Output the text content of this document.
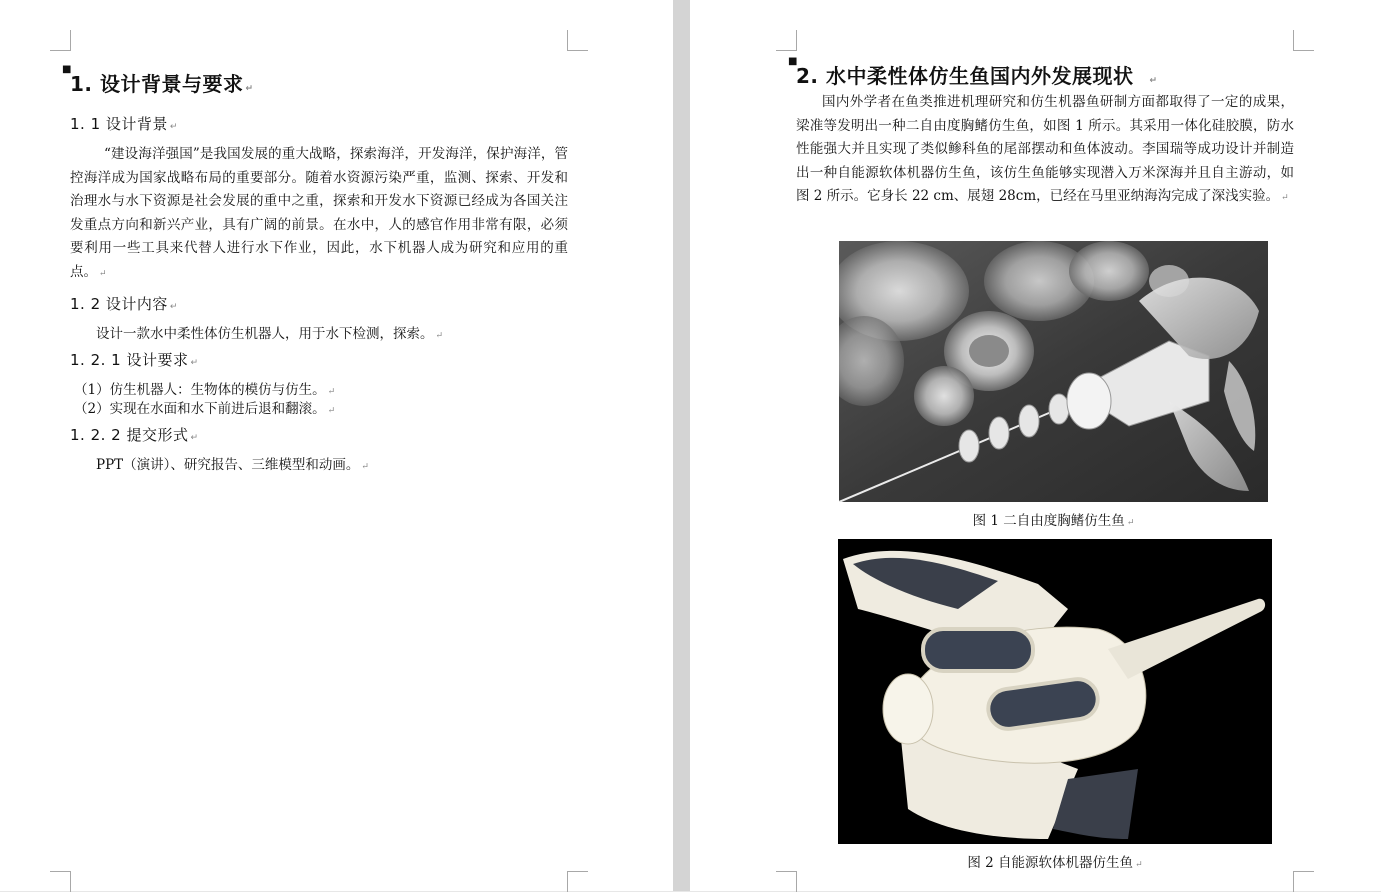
■
1. 设计背景与要求 ↵
1. 1 设计背景 ↵
“建设海洋强国”是我国发展的重大战略，探索海洋，开发海洋，保护海洋，管控海洋成为国家战略布局的重要部分。随着水资源污染严重，监测、探索、开发和治理水与水下资源是社会发展的重中之重，探索和开发水下资源已经成为各国关注发重点方向和新兴产业，具有广阔的前景。在水中，人的感官作用非常有限，必须要利用一些工具来代替人进行水下作业，因此，水下机器人成为研究和应用的重点。 ↵
1. 2 设计内容 ↵
设计一款水中柔性体仿生机器人，用于水下检测，探索。 ↵
1. 2. 1 设计要求 ↵
（1）仿生机器人：生物体的模仿与仿生。 ↵
（2）实现在水面和水下前进后退和翻滚。 ↵
1. 2. 2 提交形式 ↵
PPT（演讲）、研究报告、三维模型和动画。 ↵
■
2. 水中柔性体仿生鱼国内外发展现状 ↵
国内外学者在鱼类推进机理研究和仿生机器鱼研制方面都取得了一定的成果，梁准等发明出一种二自由度胸鳍仿生鱼，如图 1 所示。其采用一体化硅胶膜，防水性能强大并且实现了类似鲹科鱼的尾部摆动和鱼体波动。李国瑞等成功设计并制造出一种自能源软体机器仿生鱼，该仿生鱼能够实现潜入万米深海并且自主游动，如图 2 所示。它身长 22 cm、展翅 28cm，已经在马里亚纳海沟完成了深浅实验。 ↵
图 1 二自由度胸鳍仿生鱼 ↵
图 2 自能源软体机器仿生鱼 ↵
